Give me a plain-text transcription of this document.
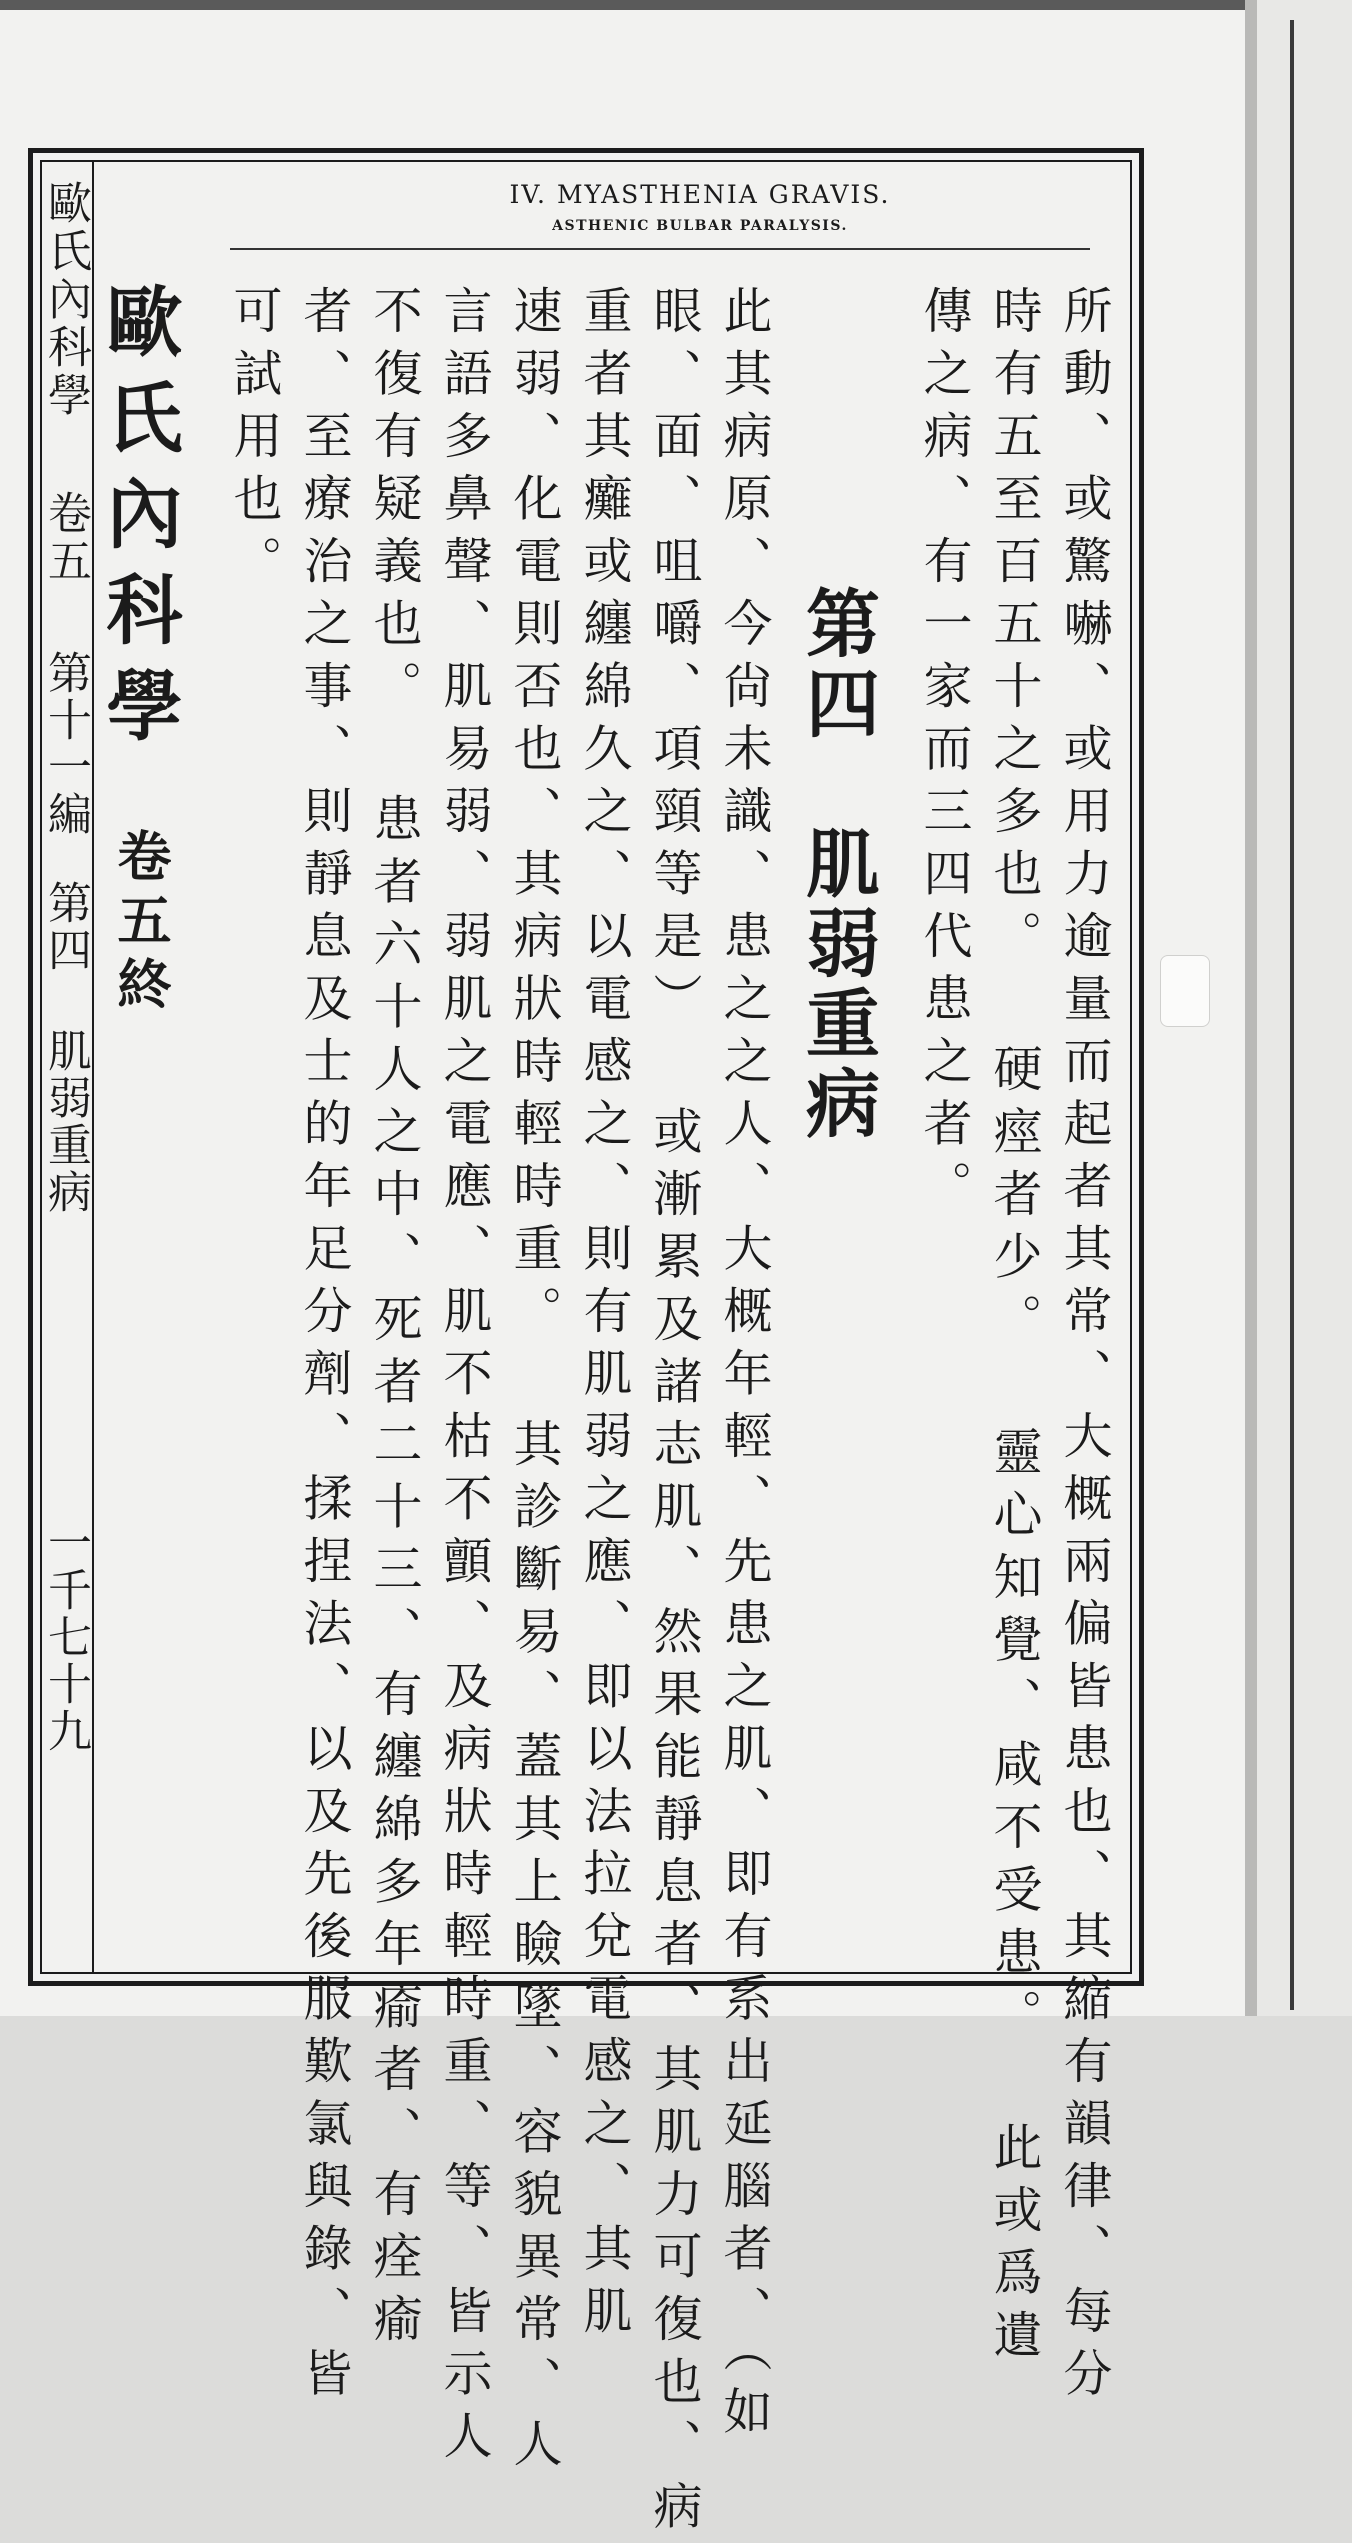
IV. MYASTHENIA GRAVIS.
ASTHENIC BULBAR PARALYSIS.
歐氏內科學
卷五
第十一編
第四 肌弱重病
一千七十九	所動、或驚嚇、或用力逾量而起者其常、大概兩偏皆患也、其縮有韻律、每分
時有五至百五十之多也。 硬痙者少。 靈心知覺、咸不受患。 此或爲遺
傳之病、有一家而三四代患之者。
第四　肌弱重病
此其病原、今尙未識、患之之人、大概年輕、先患之肌、即有系出延腦者、（如
眼、面、咀嚼、項頸等是） 或漸累及諸志肌、然果能靜息者、其肌力可復也、病
重者其癱或纏綿久之、以電感之、則有肌弱之應、即以法拉兌電感之、其肌
速弱、化電則否也、其病狀時輕時重。 其診斷易、蓋其上瞼墜、容貌異常、人
言語多鼻聲、肌易弱、弱肌之電應、肌不枯不顫、及病狀時輕時重、等、皆示人
不復有疑義也。 患者六十人之中、死者二十三、有纏綿多年瘉者、有痊瘉
者、至療治之事、則靜息及士的年足分劑、揉捏法、以及先後服歎氯與錄、皆
可試用也。
歐氏內科學
卷五終
